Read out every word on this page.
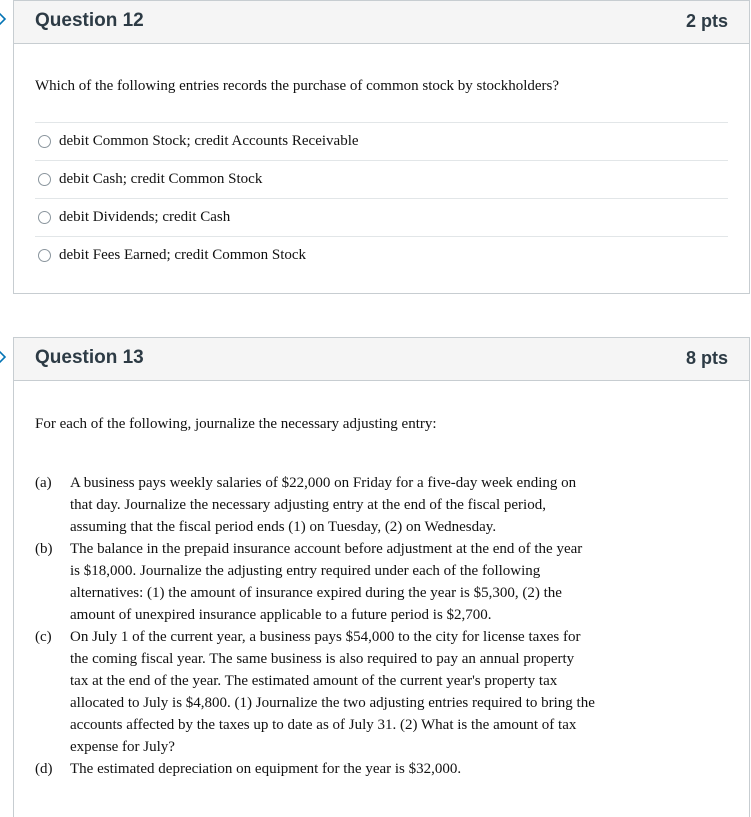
Question 12	2 pts
Which of the following entries records the purchase of common stock by stockholders?
debit Common Stock; credit Accounts Receivable
debit Cash; credit Common Stock
debit Dividends; credit Cash
debit Fees Earned; credit Common Stock
Question 13	8 pts
For each of the following, journalize the necessary adjusting entry:
(a) A business pays weekly salaries of $22,000 on Friday for a five-day week ending on that day. Journalize the necessary adjusting entry at the end of the fiscal period, assuming that the fiscal period ends (1) on Tuesday, (2) on Wednesday.
(b) The balance in the prepaid insurance account before adjustment at the end of the year is $18,000. Journalize the adjusting entry required under each of the following alternatives: (1) the amount of insurance expired during the year is $5,300, (2) the amount of unexpired insurance applicable to a future period is $2,700.
(c) On July 1 of the current year, a business pays $54,000 to the city for license taxes for the coming fiscal year. The same business is also required to pay an annual property tax at the end of the year. The estimated amount of the current year's property tax allocated to July is $4,800. (1) Journalize the two adjusting entries required to bring the accounts affected by the taxes up to date as of July 31. (2) What is the amount of tax expense for July?
(d) The estimated depreciation on equipment for the year is $32,000.
